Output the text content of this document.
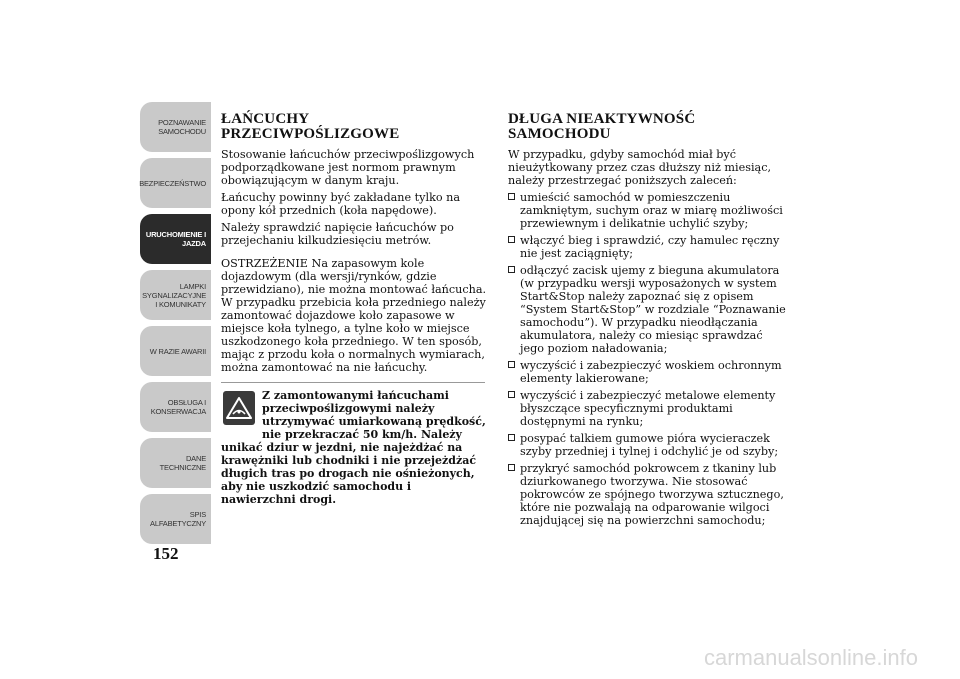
POZNAWANIE
SAMOCHODU
BEZPIECZEŃSTWO
URUCHOMIENIE I
JAZDA
LAMPKI
SYGNALIZACYJNE
I KOMUNIKATY
W RAZIE AWARII
OBSŁUGA I
KONSERWACJA
DANE
TECHNICZNE
SPIS
ALFABETYCZNY
152
ŁAŃCUCHY PRZECIWPOŚLIZGOWE

Stosowanie łańcuchów przeciwpoślizgowych podporządkowane jest normom prawnym obowiązującym w danym kraju.

Łańcuchy powinny być zakładane tylko na opony kół przednich (koła napędowe).

Należy sprawdzić napięcie łańcuchów po przejechaniu kilkudziesięciu metrów.

OSTRZEŻENIE Na zapasowym kole dojazdowym (dla wersji/rynków, gdzie przewidziano), nie można montować łańcucha. W przypadku przebicia koła przedniego należy zamontować dojazdowe koło zapasowe w miejsce koła tylnego, a tylne koło w miejsce uszkodzonego koła przedniego. W ten sposób, mając z przodu koła o normalnych wymiarach, można zamontować na nie łańcuchy.

Z zamontowanymi łańcuchami przeciwpoślizgowymi należy utrzymywać umiarkowaną prędkość, nie przekraczać 50 km/h. Należy unikać dziur w jezdni, nie najeżdżać na krawężniki lub chodniki i nie przejeżdżać długich tras po drogach nie ośnieżonych, aby nie uszkodzić samochodu i nawierzchni drogi.
DŁUGA NIEAKTYWNOŚĆ SAMOCHODU

W przypadku, gdyby samochód miał być nieużytkowany przez czas dłuższy niż miesiąc, należy przestrzegać poniższych zaleceń:

umieścić samochód w pomieszczeniu zamkniętym, suchym oraz w miarę możliwości przewiewnym i delikatnie uchylić szyby;
włączyć bieg i sprawdzić, czy hamulec ręczny nie jest zaciągnięty;
odłączyć zacisk ujemy z bieguna akumulatora (w przypadku wersji wyposażonych w system Start&Stop należy zapoznać się z opisem “System Start&Stop” w rozdziale “Poznawanie samochodu”). W przypadku nieodłączania akumulatora, należy co miesiąc sprawdzać jego poziom naładowania;
wyczyścić i zabezpieczyć woskiem ochronnym elementy lakierowane;
wyczyścić i zabezpieczyć metalowe elementy błyszczące specyficznymi produktami dostępnymi na rynku;
posypać talkiem gumowe pióra wycieraczek szyby przedniej i tylnej i odchylić je od szyby;
przykryć samochód pokrowcem z tkaniny lub dziurkowanego tworzywa. Nie stosować pokrowców ze spójnego tworzywa sztucznego, które nie pozwalają na odparowanie wilgoci znajdującej się na powierzchni samochodu;
carmanualsonline.info
